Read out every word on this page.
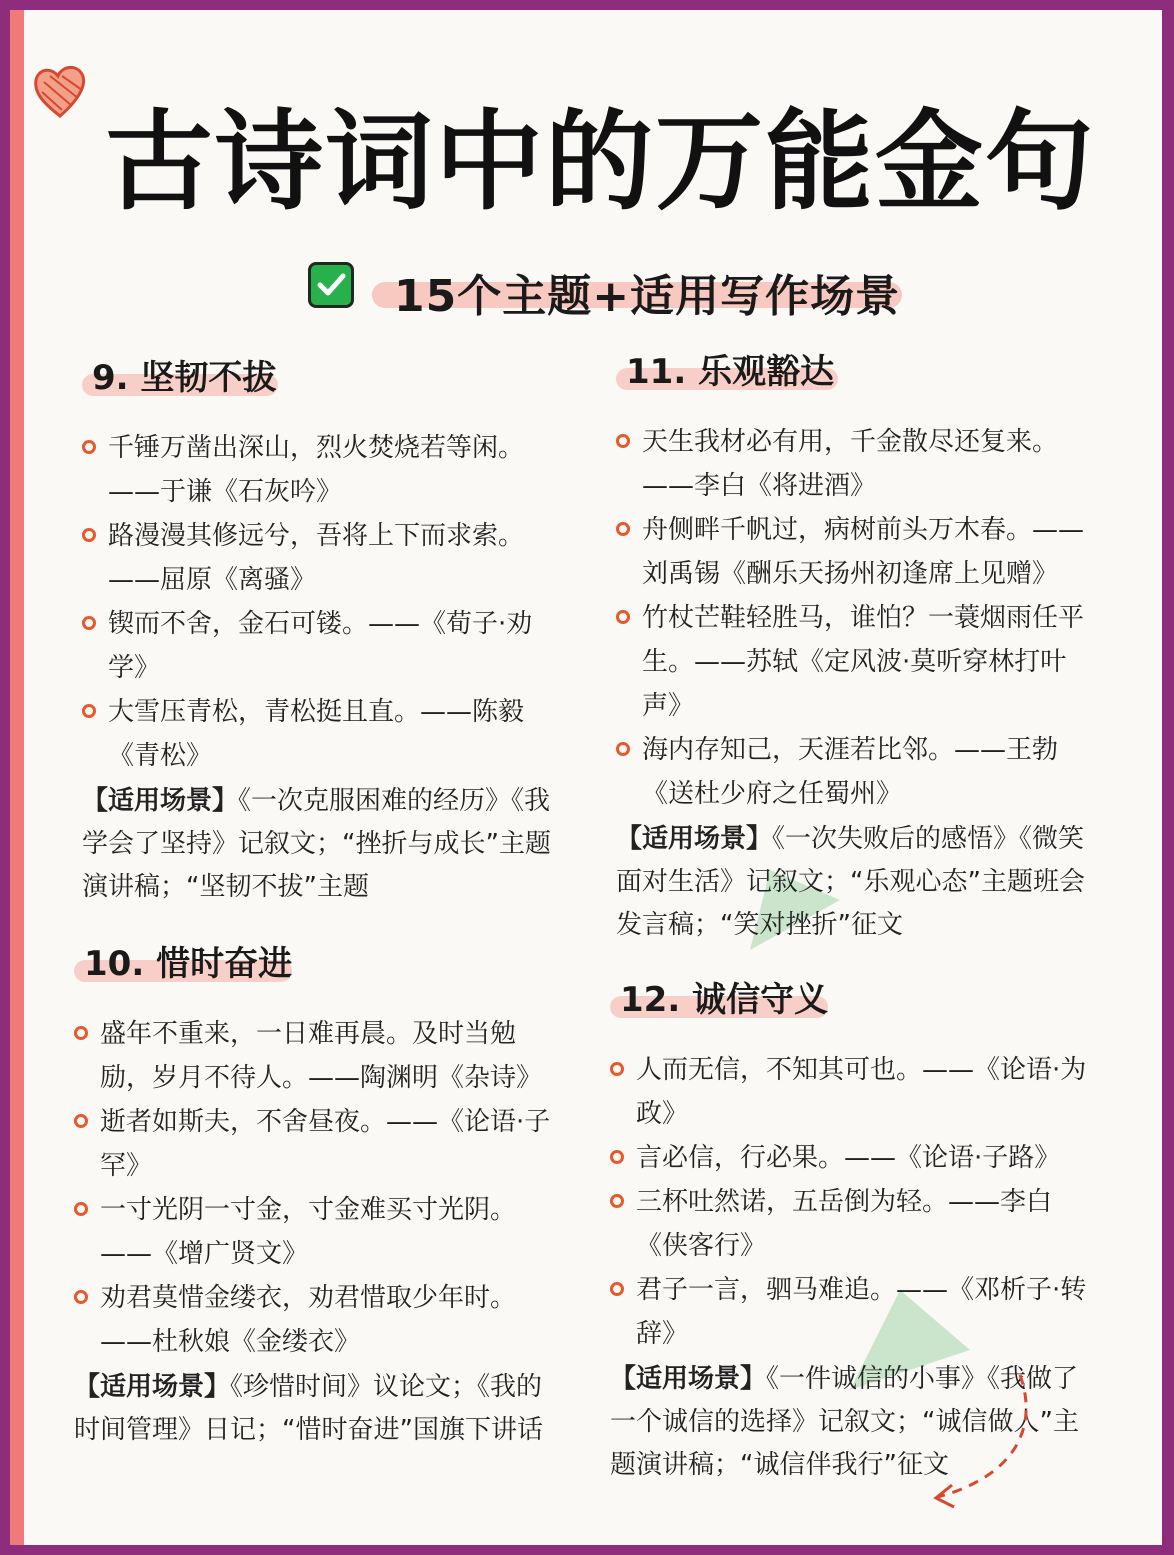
古诗词中的万能金句
15个主题+适用写作场景
9. 坚韧不拔
千锤万凿出深山，烈火焚烧若等闲。——于谦《石灰吟》
路漫漫其修远兮，吾将上下而求索。——屈原《离骚》
锲而不舍，金石可镂。——《荀子·劝学》
大雪压青松，青松挺且直。——陈毅《青松》
【适用场景】《一次克服困难的经历》《我学会了坚持》记叙文；“挫折与成长”主题演讲稿；“坚韧不拔”主题
10. 惜时奋进
盛年不重来，一日难再晨。及时当勉励，岁月不待人。——陶渊明《杂诗》
逝者如斯夫，不舍昼夜。——《论语·子罕》
一寸光阴一寸金，寸金难买寸光阴。——《增广贤文》
劝君莫惜金缕衣，劝君惜取少年时。——杜秋娘《金缕衣》
【适用场景】《珍惜时间》议论文；《我的时间管理》日记；“惜时奋进”国旗下讲话
11. 乐观豁达
天生我材必有用，千金散尽还复来。——李白《将进酒》
舟侧畔千帆过，病树前头万木春。——刘禹锡《酬乐天扬州初逢席上见赠》
竹杖芒鞋轻胜马，谁怕？一蓑烟雨任平生。——苏轼《定风波·莫听穿林打叶声》
海内存知己，天涯若比邻。——王勃《送杜少府之任蜀州》
【适用场景】《一次失败后的感悟》《微笑面对生活》记叙文；“乐观心态”主题班会发言稿；“笑对挫折”征文
12. 诚信守义
人而无信，不知其可也。——《论语·为政》
言必信，行必果。——《论语·子路》
三杯吐然诺，五岳倒为轻。——李白《侠客行》
君子一言，驷马难追。——《邓析子·转辞》
【适用场景】《一件诚信的小事》《我做了一个诚信的选择》记叙文；“诚信做人”主题演讲稿；“诚信伴我行”征文
